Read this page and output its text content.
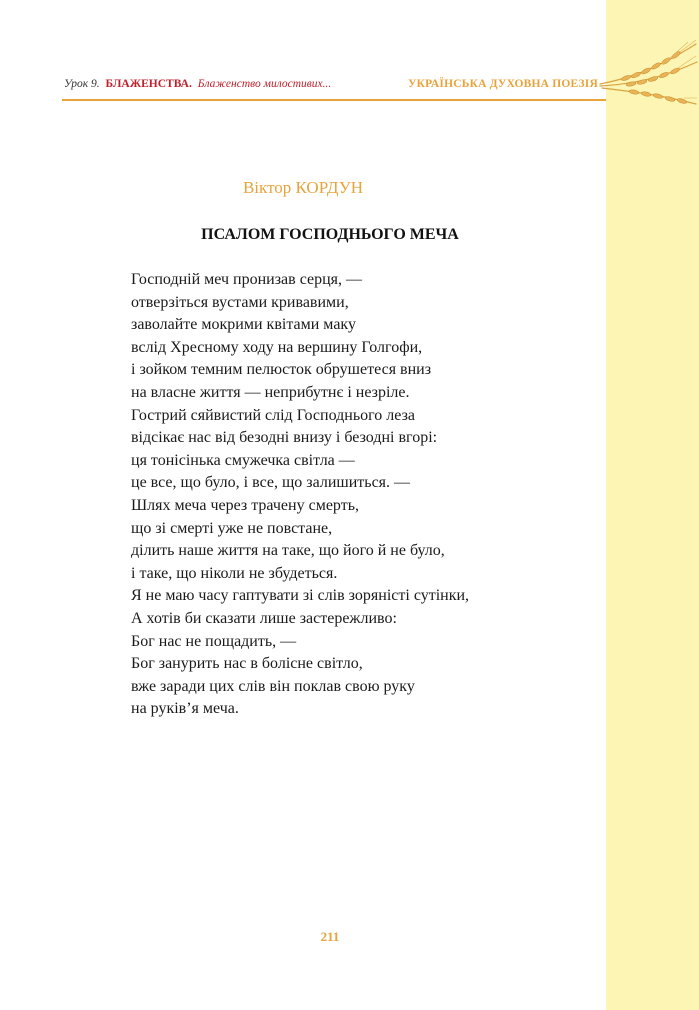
Урок 9. БЛАЖЕНСТВА. Блаженство милостивих...	УКРАЇНСЬКА ДУХОВНА ПОЕЗІЯ
Віктор КОРДУН
ПСАЛОМ ГОСПОДНЬОГО МЕЧА
Господній меч пронизав серця, —
отверзіться вустами кривавими,
заволайте мокрими квітами маку
вслід Хресному ходу на вершину Голгофи,
і зойком темним пелюсток обрушетеся вниз
на власне життя — неприбутнє і незріле.
Гострий сяйвистий слід Господнього леза
відсікає нас від безодні внизу і безодні вгорі:
ця тонісінька смужечка світла —
це все, що було, і все, що залишиться. —
Шлях меча через трачену смерть,
що зі смерті уже не повстане,
ділить наше життя на таке, що його й не було,
і таке, що ніколи не збудеться.
Я не маю часу гаптувати зі слів зоряністі сутінки,
А хотів би сказати лише застережливо:
Бог нас не пощадить, —
Бог занурить нас в болісне світло,
вже заради цих слів він поклав свою руку
на руків’я меча.
211
